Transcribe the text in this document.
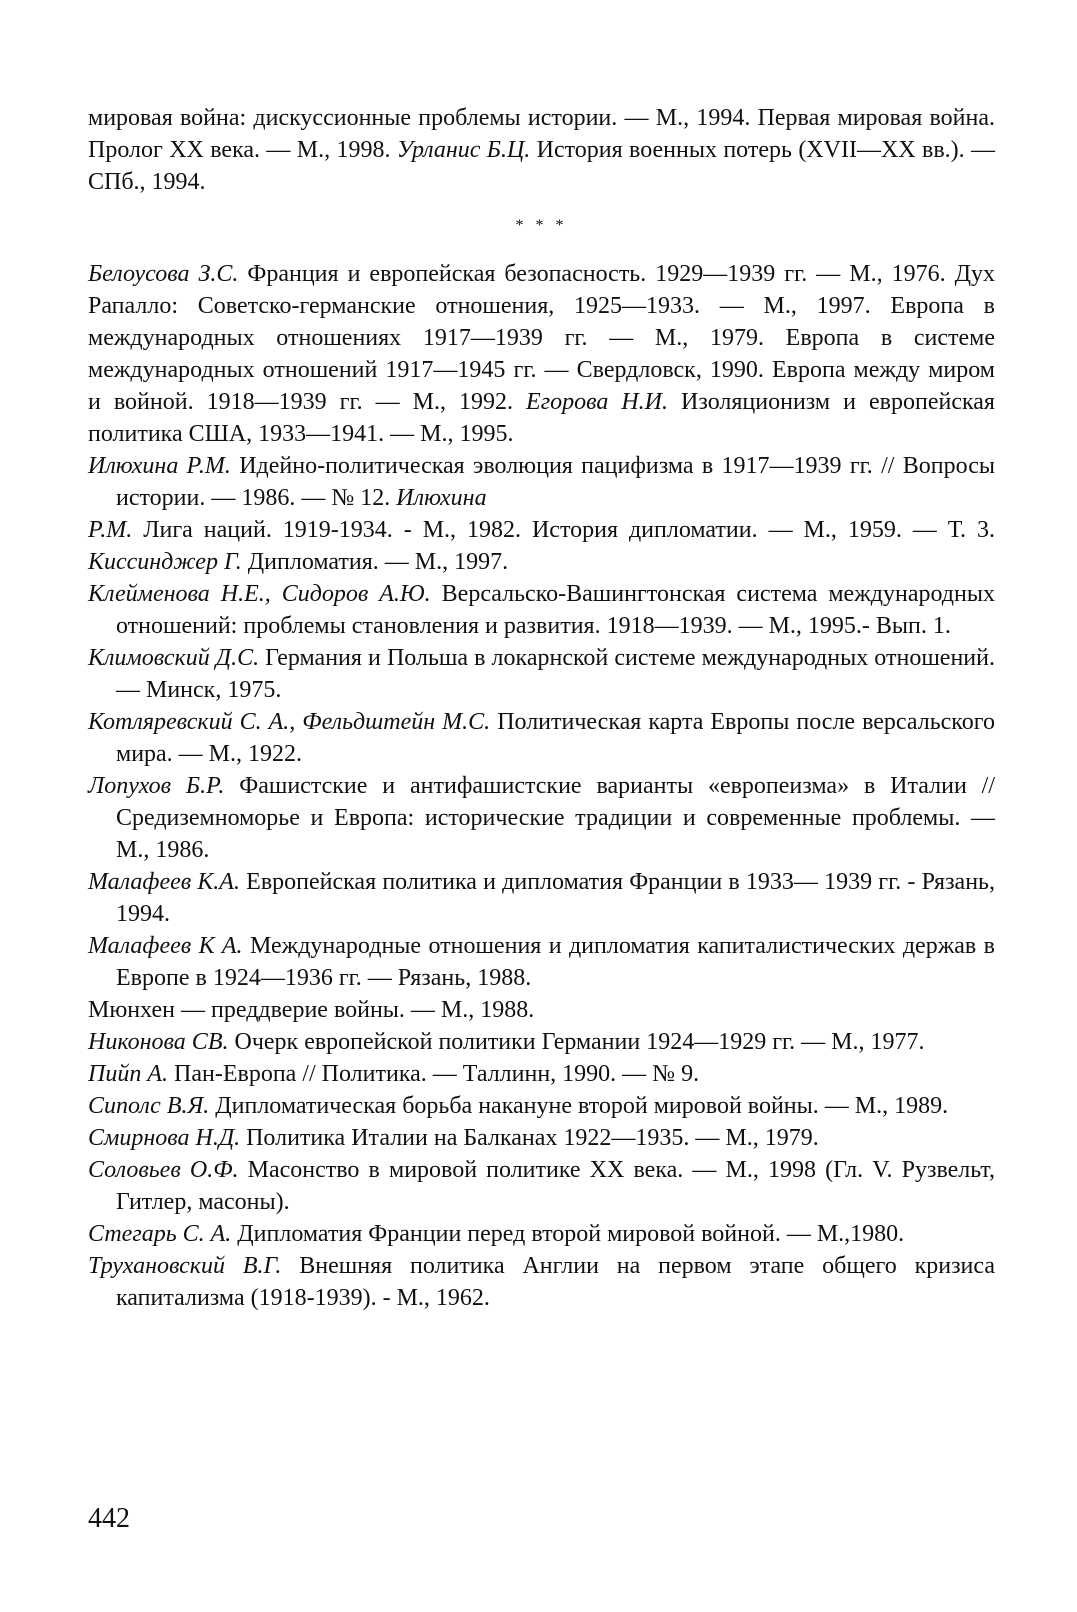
мировая война: дискуссионные проблемы истории. — М., 1994. Первая мировая война. Пролог XX века. — М., 1998. Урланис Б.Ц. История военных потерь (XVII—XX вв.). — СПб., 1994.

* * *

Белоусова З.С. Франция и европейская безопасность. 1929—1939 гг. — М., 1976. Дух Рапалло: Советско-германские отношения, 1925—1933. — М., 1997. Европа в международных отношениях 1917—1939 гг. — М., 1979. Европа в системе международных отношений 1917—1945 гг. — Свердловск, 1990. Европа между миром и войной. 1918—1939 гг. — М., 1992. Егорова Н.И. Изоляционизм и европейская политика США, 1933—1941. — М., 1995.

Илюхина Р.М. Идейно-политическая эволюция пацифизма в 1917—1939 гг. // Вопросы истории. — 1986. — № 12. Илюхина

Р.М. Лига наций. 1919-1934. - М., 1982. История дипломатии. — М., 1959. — Т. 3. Киссинджер Г. Дипломатия. — М., 1997.

Клейменова Н.Е., Сидоров А.Ю. Версальско-Вашингтонская система международных отношений: проблемы становления и развития. 1918—1939. — М., 1995.- Вып. 1.

Климовский Д.С. Германия и Польша в локарнской системе международных отношений. — Минск, 1975.

Котляревский С. А., Фельдштейн М.С. Политическая карта Европы после версальского мира. — М., 1922.

Лопухов Б.Р. Фашистские и антифашистские варианты «европеизма» в Италии // Средиземноморье и Европа: исторические традиции и современные проблемы. — М., 1986.

Малафеев К.А. Европейская политика и дипломатия Франции в 1933— 1939 гг. - Рязань, 1994.

Малафеев К А. Международные отношения и дипломатия капиталистических держав в Европе в 1924—1936 гг. — Рязань, 1988.

Мюнхен — преддверие войны. — М., 1988.

Никонова СВ. Очерк европейской политики Германии 1924—1929 гг. — М., 1977.

Пийп А. Пан-Европа // Политика. — Таллинн, 1990. — № 9.

Сиполс В.Я. Дипломатическая борьба накануне второй мировой войны. — М., 1989.

Смирнова Н.Д. Политика Италии на Балканах 1922—1935. — М., 1979.

Соловьев О.Ф. Масонство в мировой политике XX века. — М., 1998 (Гл. V. Рузвельт, Гитлер, масоны).

Стегарь С. А. Дипломатия Франции перед второй мировой войной. — М.,1980.

Трухановский В.Г. Внешняя политика Англии на первом этапе общего кризиса капитализма (1918-1939). - М., 1962.

442
